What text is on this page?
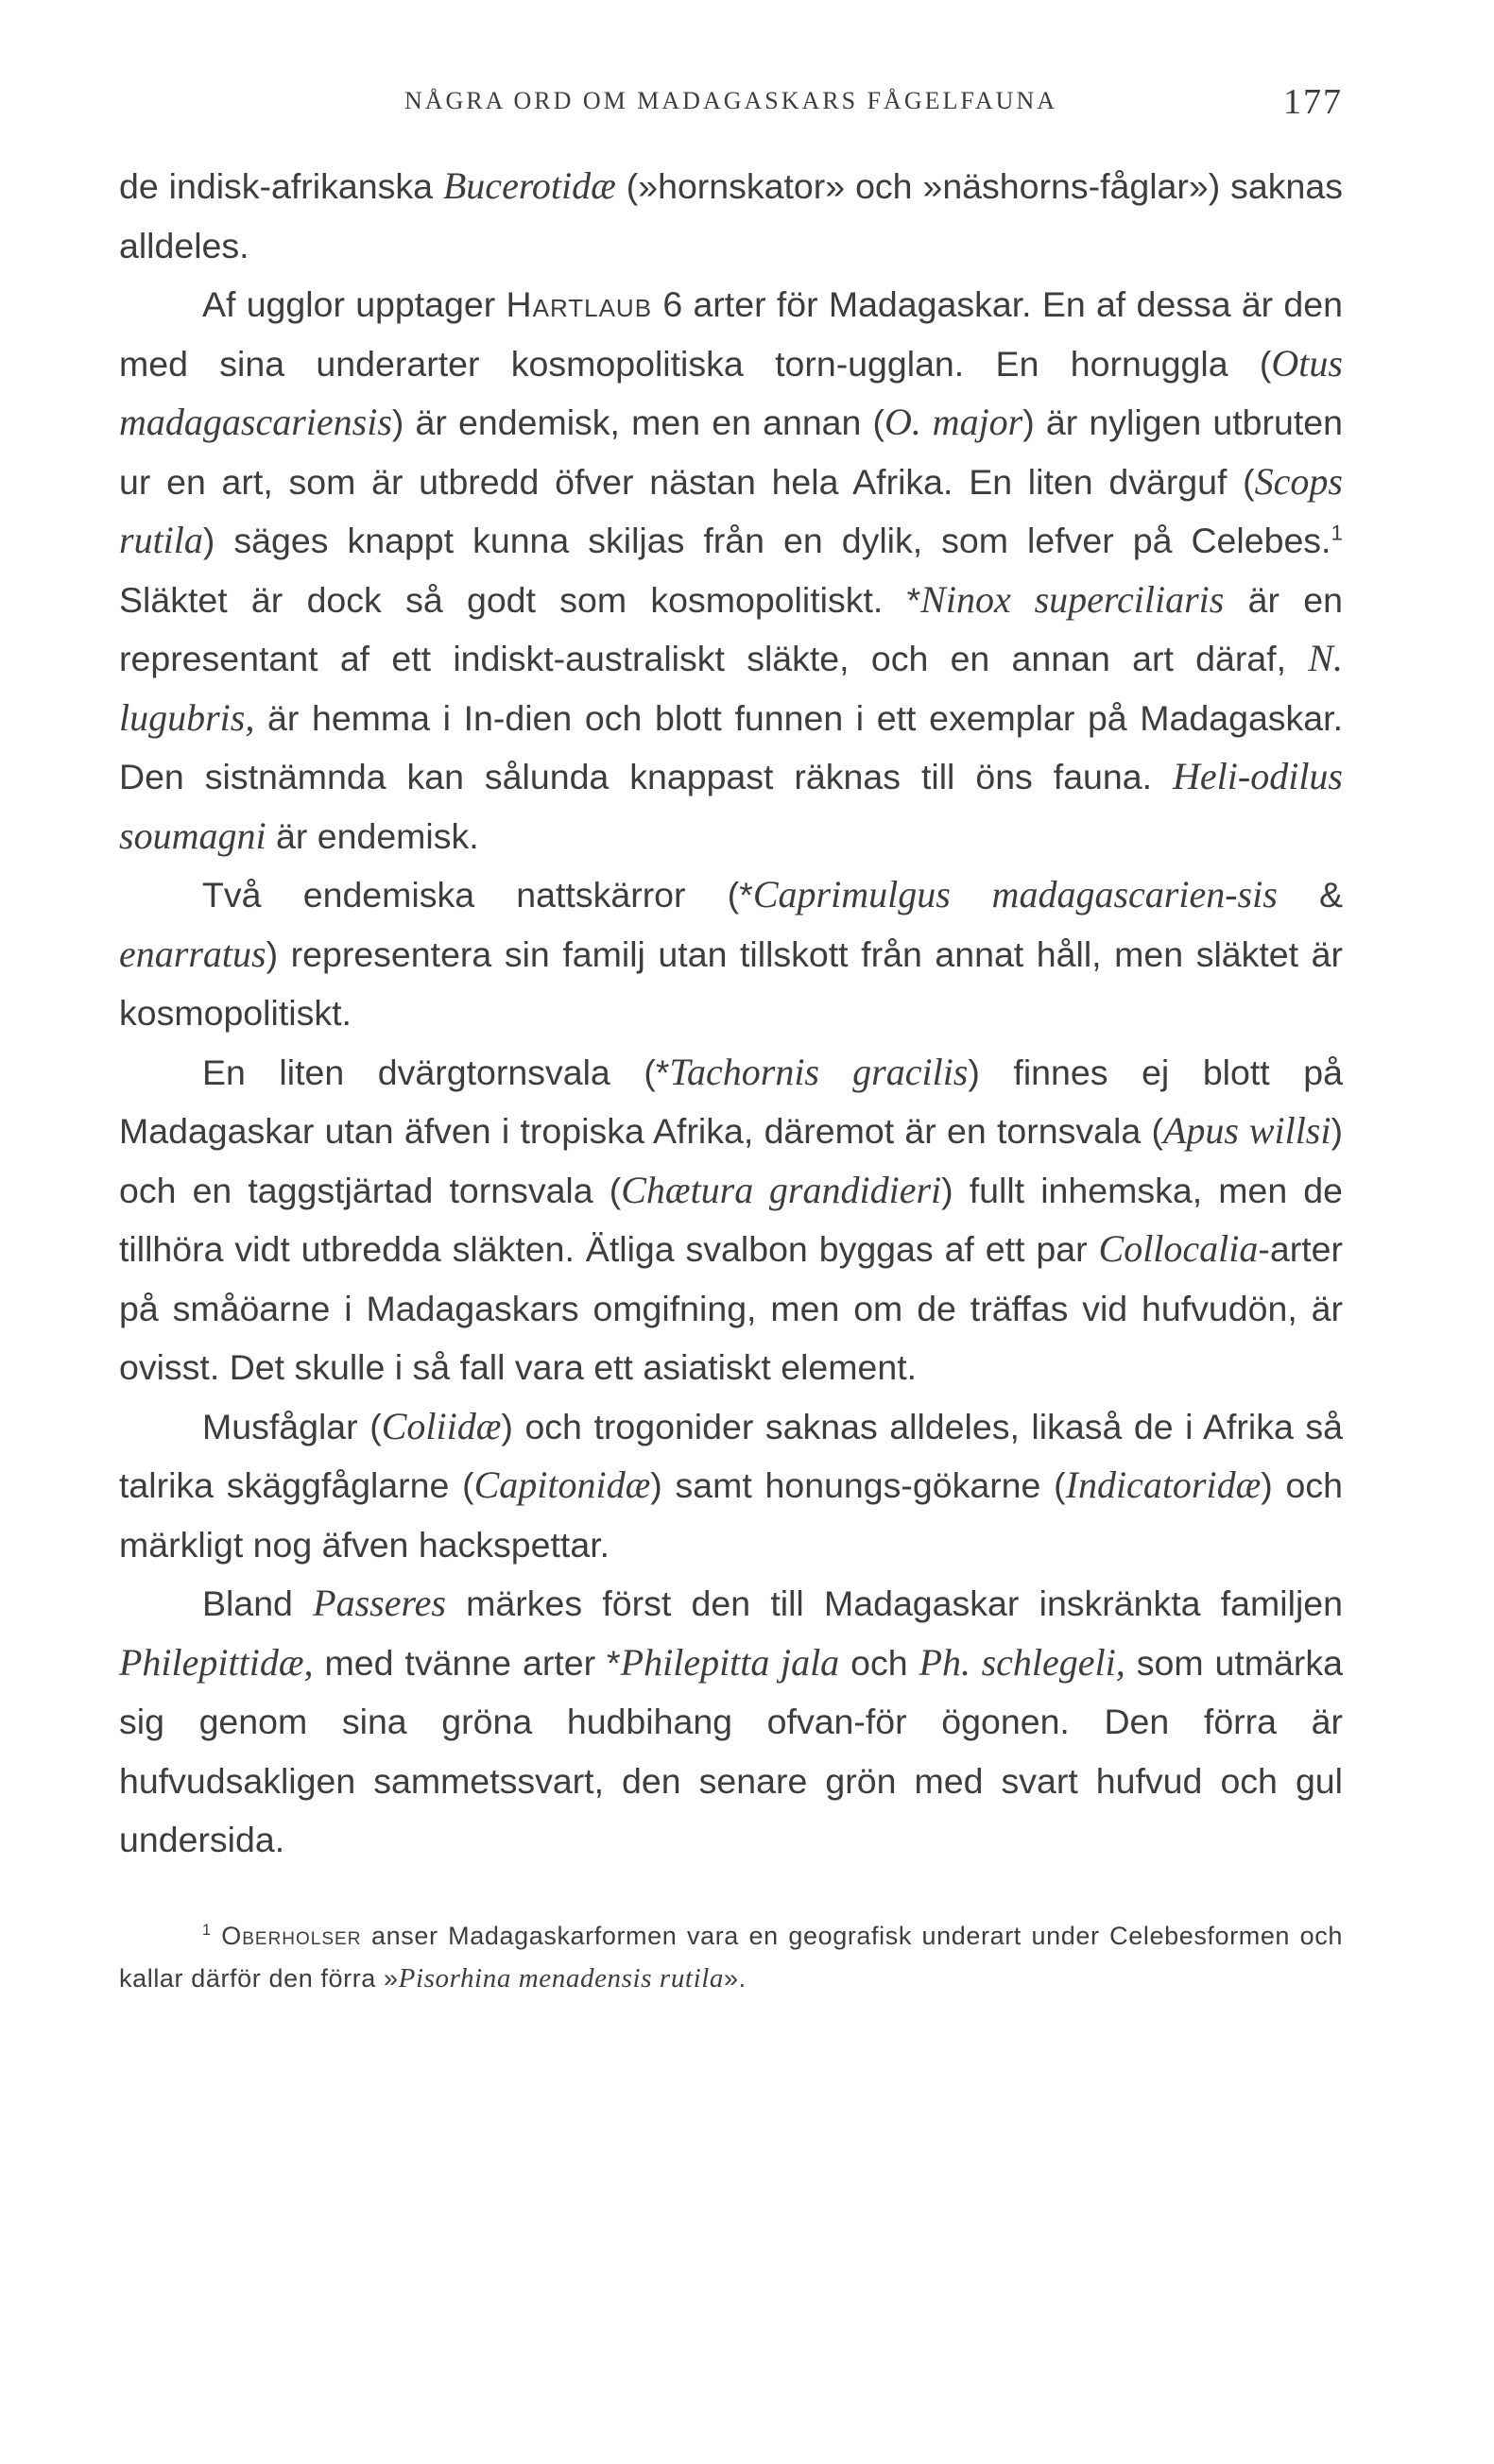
NÅGRA ORD OM MADAGASKARS FÅGELFAUNA	177

de indisk-afrikanska Bucerotidæ (»hornskator» och »näshorns-fåglar») saknas alldeles.

Af ugglor upptager Hartlaub 6 arter för Madagaskar. En af dessa är den med sina underarter kosmopolitiska torn-ugglan. En hornuggla (Otus madagascariensis) är endemisk, men en annan (O. major) är nyligen utbruten ur en art, som är utbredd öfver nästan hela Afrika. En liten dvärguf (Scops rutila) säges knappt kunna skiljas från en dylik, som lefver på Celebes.$^1$ Släktet är dock så godt som kosmopolitiskt. *Ninox superciliaris är en representant af ett indiskt-australiskt släkte, och en annan art däraf, N. lugubris, är hemma i In-dien och blott funnen i ett exemplar på Madagaskar. Den sistnämnda kan sålunda knappast räknas till öns fauna. Heli-odilus soumagni är endemisk.

Två endemiska nattskärror (*Caprimulgus madagascarien-sis & enarratus) representera sin familj utan tillskott från annat håll, men släktet är kosmopolitiskt.

En liten dvärgtornsvala (*Tachornis gracilis) finnes ej blott på Madagaskar utan äfven i tropiska Afrika, däremot är en tornsvala (Apus willsi) och en taggstjärtad tornsvala (Chætura grandidieri) fullt inhemska, men de tillhöra vidt utbredda släkten. Ätliga svalbon byggas af ett par Collocalia-arter på småöarne i Madagaskars omgifning, men om de träffas vid hufvudön, är ovisst. Det skulle i så fall vara ett asiatiskt element.

Musfåglar (Coliidæ) och trogonider saknas alldeles, likaså de i Afrika så talrika skäggfåglarne (Capitonidæ) samt honungs-gökarne (Indicatoridæ) och märkligt nog äfven hackspettar.

Bland Passeres märkes först den till Madagaskar inskränkta familjen Philepittidæ, med tvänne arter *Philepitta jala och Ph. schlegeli, som utmärka sig genom sina gröna hudbihang ofvan-för ögonen. Den förra är hufvudsakligen sammetssvart, den senare grön med svart hufvud och gul undersida.

$^1$ Oberholser anser Madagaskarformen vara en geografisk underart under Celebesformen och kallar därför den förra »Pisorhina menadensis rutila».
